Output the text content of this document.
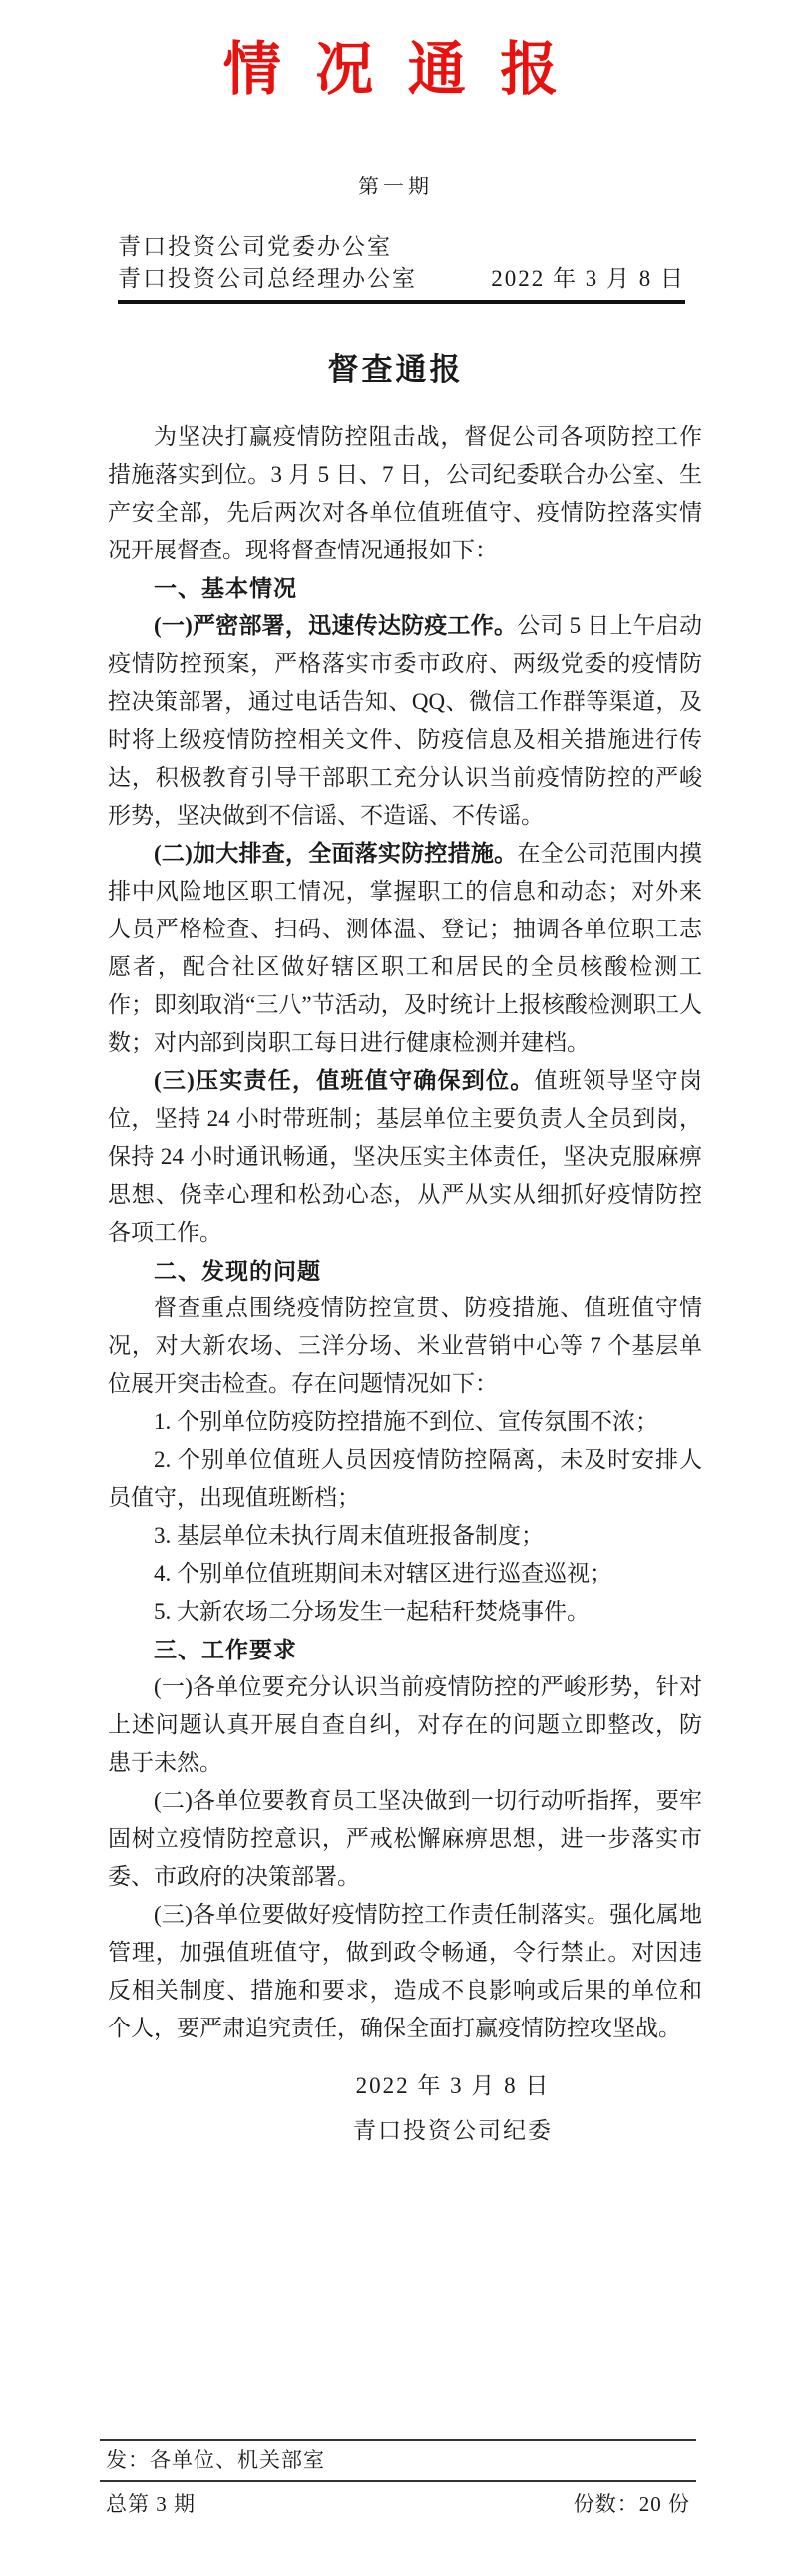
情 况 通 报
第一期
青口投资公司党委办公室
青口投资公司总经理办公室	2022 年 3 月 8 日
督查通报

为坚决打赢疫情防控阻击战，督促公司各项防控工作措施落实到位。3 月 5 日、7 日，公司纪委联合办公室、生产安全部，先后两次对各单位值班值守、疫情防控落实情况开展督查。现将督查情况通报如下：

一、基本情况

(一)严密部署，迅速传达防疫工作。公司 5 日上午启动疫情防控预案，严格落实市委市政府、两级党委的疫情防控决策部署，通过电话告知、QQ、微信工作群等渠道，及时将上级疫情防控相关文件、防疫信息及相关措施进行传达，积极教育引导干部职工充分认识当前疫情防控的严峻形势，坚决做到不信谣、不造谣、不传谣。

(二)加大排查，全面落实防控措施。在全公司范围内摸排中风险地区职工情况，掌握职工的信息和动态；对外来人员严格检查、扫码、测体温、登记；抽调各单位职工志愿者，配合社区做好辖区职工和居民的全员核酸检测工作；即刻取消“三八”节活动，及时统计上报核酸检测职工人数；对内部到岗职工每日进行健康检测并建档。

(三)压实责任，值班值守确保到位。值班领导坚守岗位，坚持 24 小时带班制；基层单位主要负责人全员到岗，保持 24 小时通讯畅通，坚决压实主体责任，坚决克服麻痹思想、侥幸心理和松劲心态，从严从实从细抓好疫情防控各项工作。

二、发现的问题

督查重点围绕疫情防控宣贯、防疫措施、值班值守情况，对大新农场、三洋分场、米业营销中心等 7 个基层单位展开突击检查。存在问题情况如下：

1. 个别单位防疫防控措施不到位、宣传氛围不浓；

2. 个别单位值班人员因疫情防控隔离，未及时安排人员值守，出现值班断档；

3. 基层单位未执行周末值班报备制度；

4. 个别单位值班期间未对辖区进行巡查巡视；

5. 大新农场二分场发生一起秸秆焚烧事件。

三、工作要求

(一)各单位要充分认识当前疫情防控的严峻形势，针对上述问题认真开展自查自纠，对存在的问题立即整改，防患于未然。

(二)各单位要教育员工坚决做到一切行动听指挥，要牢固树立疫情防控意识，严戒松懈麻痹思想，进一步落实市委、市政府的决策部署。

(三)各单位要做好疫情防控工作责任制落实。强化属地管理，加强值班值守，做到政令畅通，令行禁止。对因违反相关制度、措施和要求，造成不良影响或后果的单位和个人，要严肃追究责任，确保全面打赢疫情防控攻坚战。

2022 年 3 月 8 日
青口投资公司纪委
发：各单位、机关部室
总第 3 期	份数：20 份
